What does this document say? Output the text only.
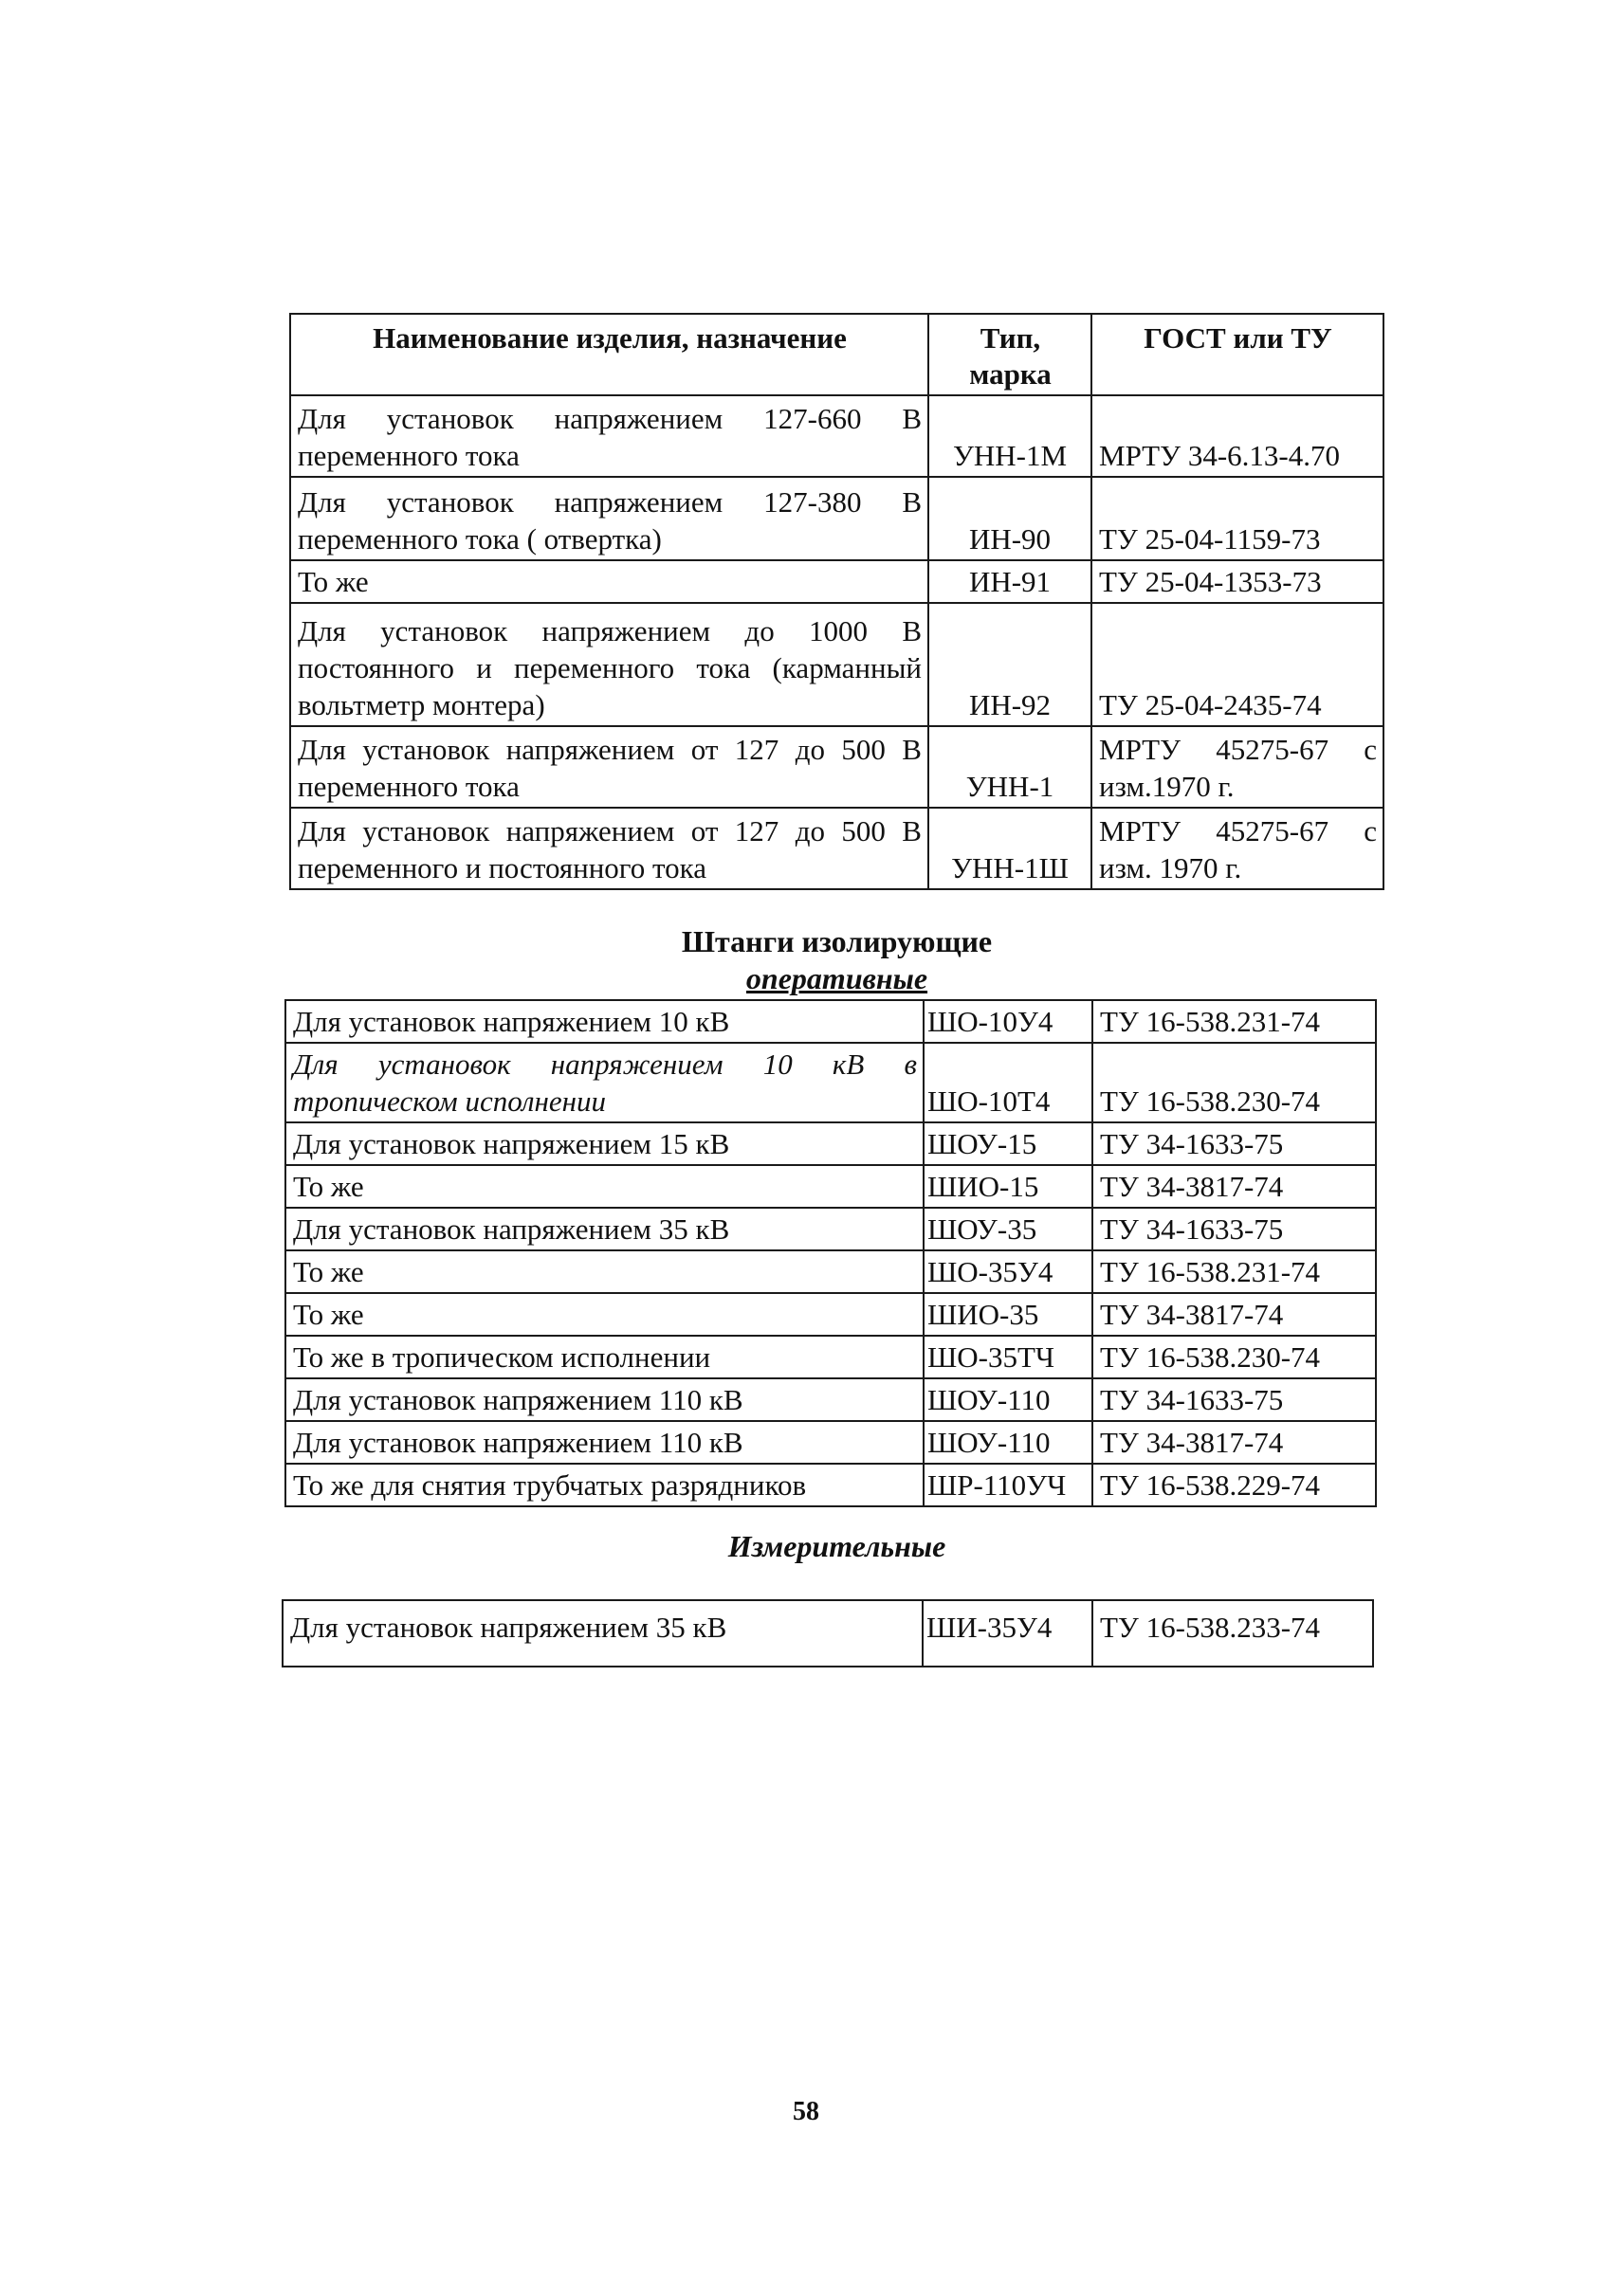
Наименование изделия, назначение	Тип, марка	ГОСТ или ТУ
Для установок напряжением 127-660 В переменного тока	УНН-1М	МРТУ 34-6.13-4.70
Для установок напряжением 127-380 В переменного тока ( отвертка)	ИН-90	ТУ 25-04-1159-73
То же	ИН-91	ТУ 25-04-1353-73
Для установок напряжением до 1000 В постоянного и переменного тока (карманный вольтметр монтера)	ИН-92	ТУ 25-04-2435-74
Для установок напряжением от 127 до 500 В переменного тока	УНН-1	МРТУ 45275-67 с изм.1970 г.
Для установок напряжением от 127 до 500 В переменного и постоянного тока	УНН-1Ш	МРТУ 45275-67 с изм. 1970 г.
Штанги изолирующие
оперативные
Для установок напряжением 10 кВ	ШО-10У4	ТУ 16-538.231-74
Для установок напряжением 10 кВ в тропическом исполнении	ШО-10Т4	ТУ 16-538.230-74
Для установок напряжением 15 кВ	ШОУ-15	ТУ 34-1633-75
То же	ШИО-15	ТУ 34-3817-74
Для установок напряжением 35 кВ	ШОУ-35	ТУ 34-1633-75
То же	ШО-35У4	ТУ 16-538.231-74
То же	ШИО-35	ТУ 34-3817-74
То же в тропическом исполнении	ШО-35ТЧ	ТУ 16-538.230-74
Для установок напряжением 110 кВ	ШОУ-110	ТУ 34-1633-75
Для установок напряжением 110 кВ	ШОУ-110	ТУ 34-3817-74
То же для снятия трубчатых разрядников	ШР-110УЧ	ТУ 16-538.229-74
Измерительные
Для установок напряжением 35 кВ	ШИ-35У4	ТУ 16-538.233-74
58
